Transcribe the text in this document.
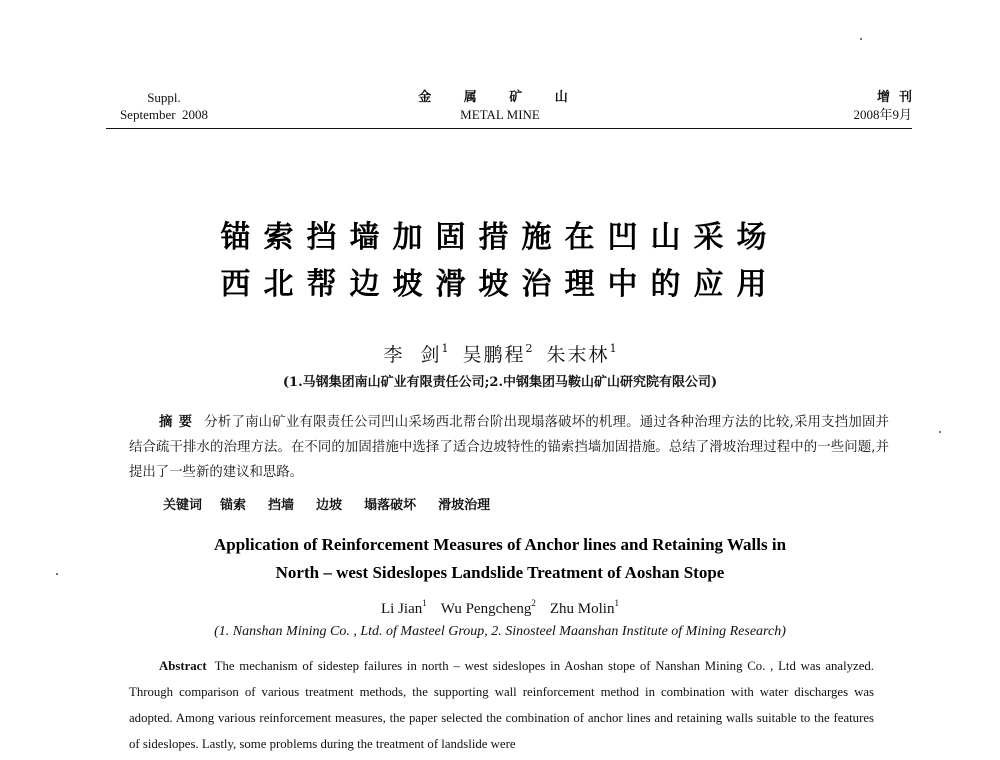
Suppl.
September  2008
金 属 矿 山
METAL MINE
增  刊
2008年9月
锚索挡墙加固措施在凹山采场
西北帮边坡滑坡治理中的应用
李  剑$^1$ 吴鹏程$^2$ 朱末林$^1$
(1.马钢集团南山矿业有限责任公司;2.中钢集团马鞍山矿山研究院有限公司)
摘要 分析了南山矿业有限责任公司凹山采场西北帮台阶出现塌落破坏的机理。通过各种治理方法的比较,采用支挡加固并结合疏干排水的治理方法。在不同的加固措施中选择了适合边坡特性的锚索挡墙加固措施。总结了滑坡治理过程中的一些问题,并提出了一些新的建议和思路。
关键词 锚索 挡墙 边坡 塌落破坏 滑坡治理
Application of Reinforcement Measures of Anchor lines and Retaining Walls in
North – west Sideslopes Landslide Treatment of Aoshan Stope
Li Jian$^1$ Wu Pengcheng$^2$ Zhu Molin$^1$
(1. Nanshan Mining Co. , Ltd. of Masteel Group, 2. Sinosteel Maanshan Institute of Mining Research)
Abstract The mechanism of sidestep failures in north – west sideslopes in Aoshan stope of Nanshan Mining Co. , Ltd was analyzed. Through comparison of various treatment methods, the supporting wall reinforcement method in combination with water discharges was adopted. Among various reinforcement measures, the paper selected the combination of anchor lines and retaining walls suitable to the features of sideslopes. Lastly, some problems during the treatment of landslide were
